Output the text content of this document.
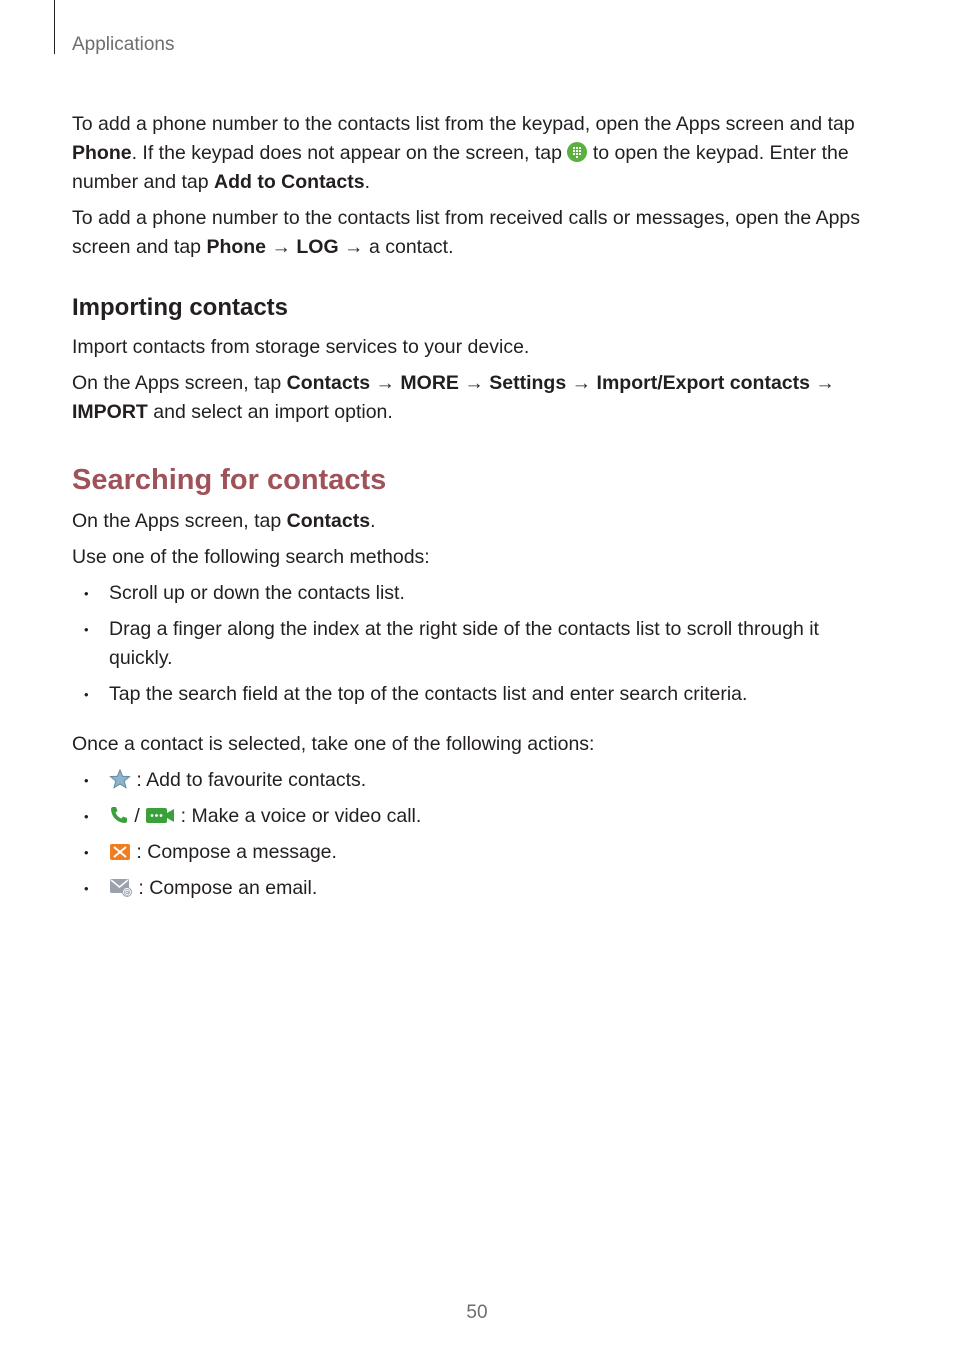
Applications

To add a phone number to the contacts list from the keypad, open the Apps screen and tap Phone. If the keypad does not appear on the screen, tap  to open the keypad. Enter the number and tap Add to Contacts.

To add a phone number to the contacts list from received calls or messages, open the Apps screen and tap Phone → LOG → a contact.

Importing contacts

Import contacts from storage services to your device.

On the Apps screen, tap Contacts → MORE → Settings → Import/Export contacts → IMPORT and select an import option.

Searching for contacts

On the Apps screen, tap Contacts.

Use one of the following search methods:

• Scroll up or down the contacts list.
• Drag a finger along the index at the right side of the contacts list to scroll through it quickly.
• Tap the search field at the top of the contacts list and enter search criteria.

Once a contact is selected, take one of the following actions:

• : Add to favourite contacts.
• /  : Make a voice or video call.
• : Compose a message.
•	@ : Compose an email.
50
